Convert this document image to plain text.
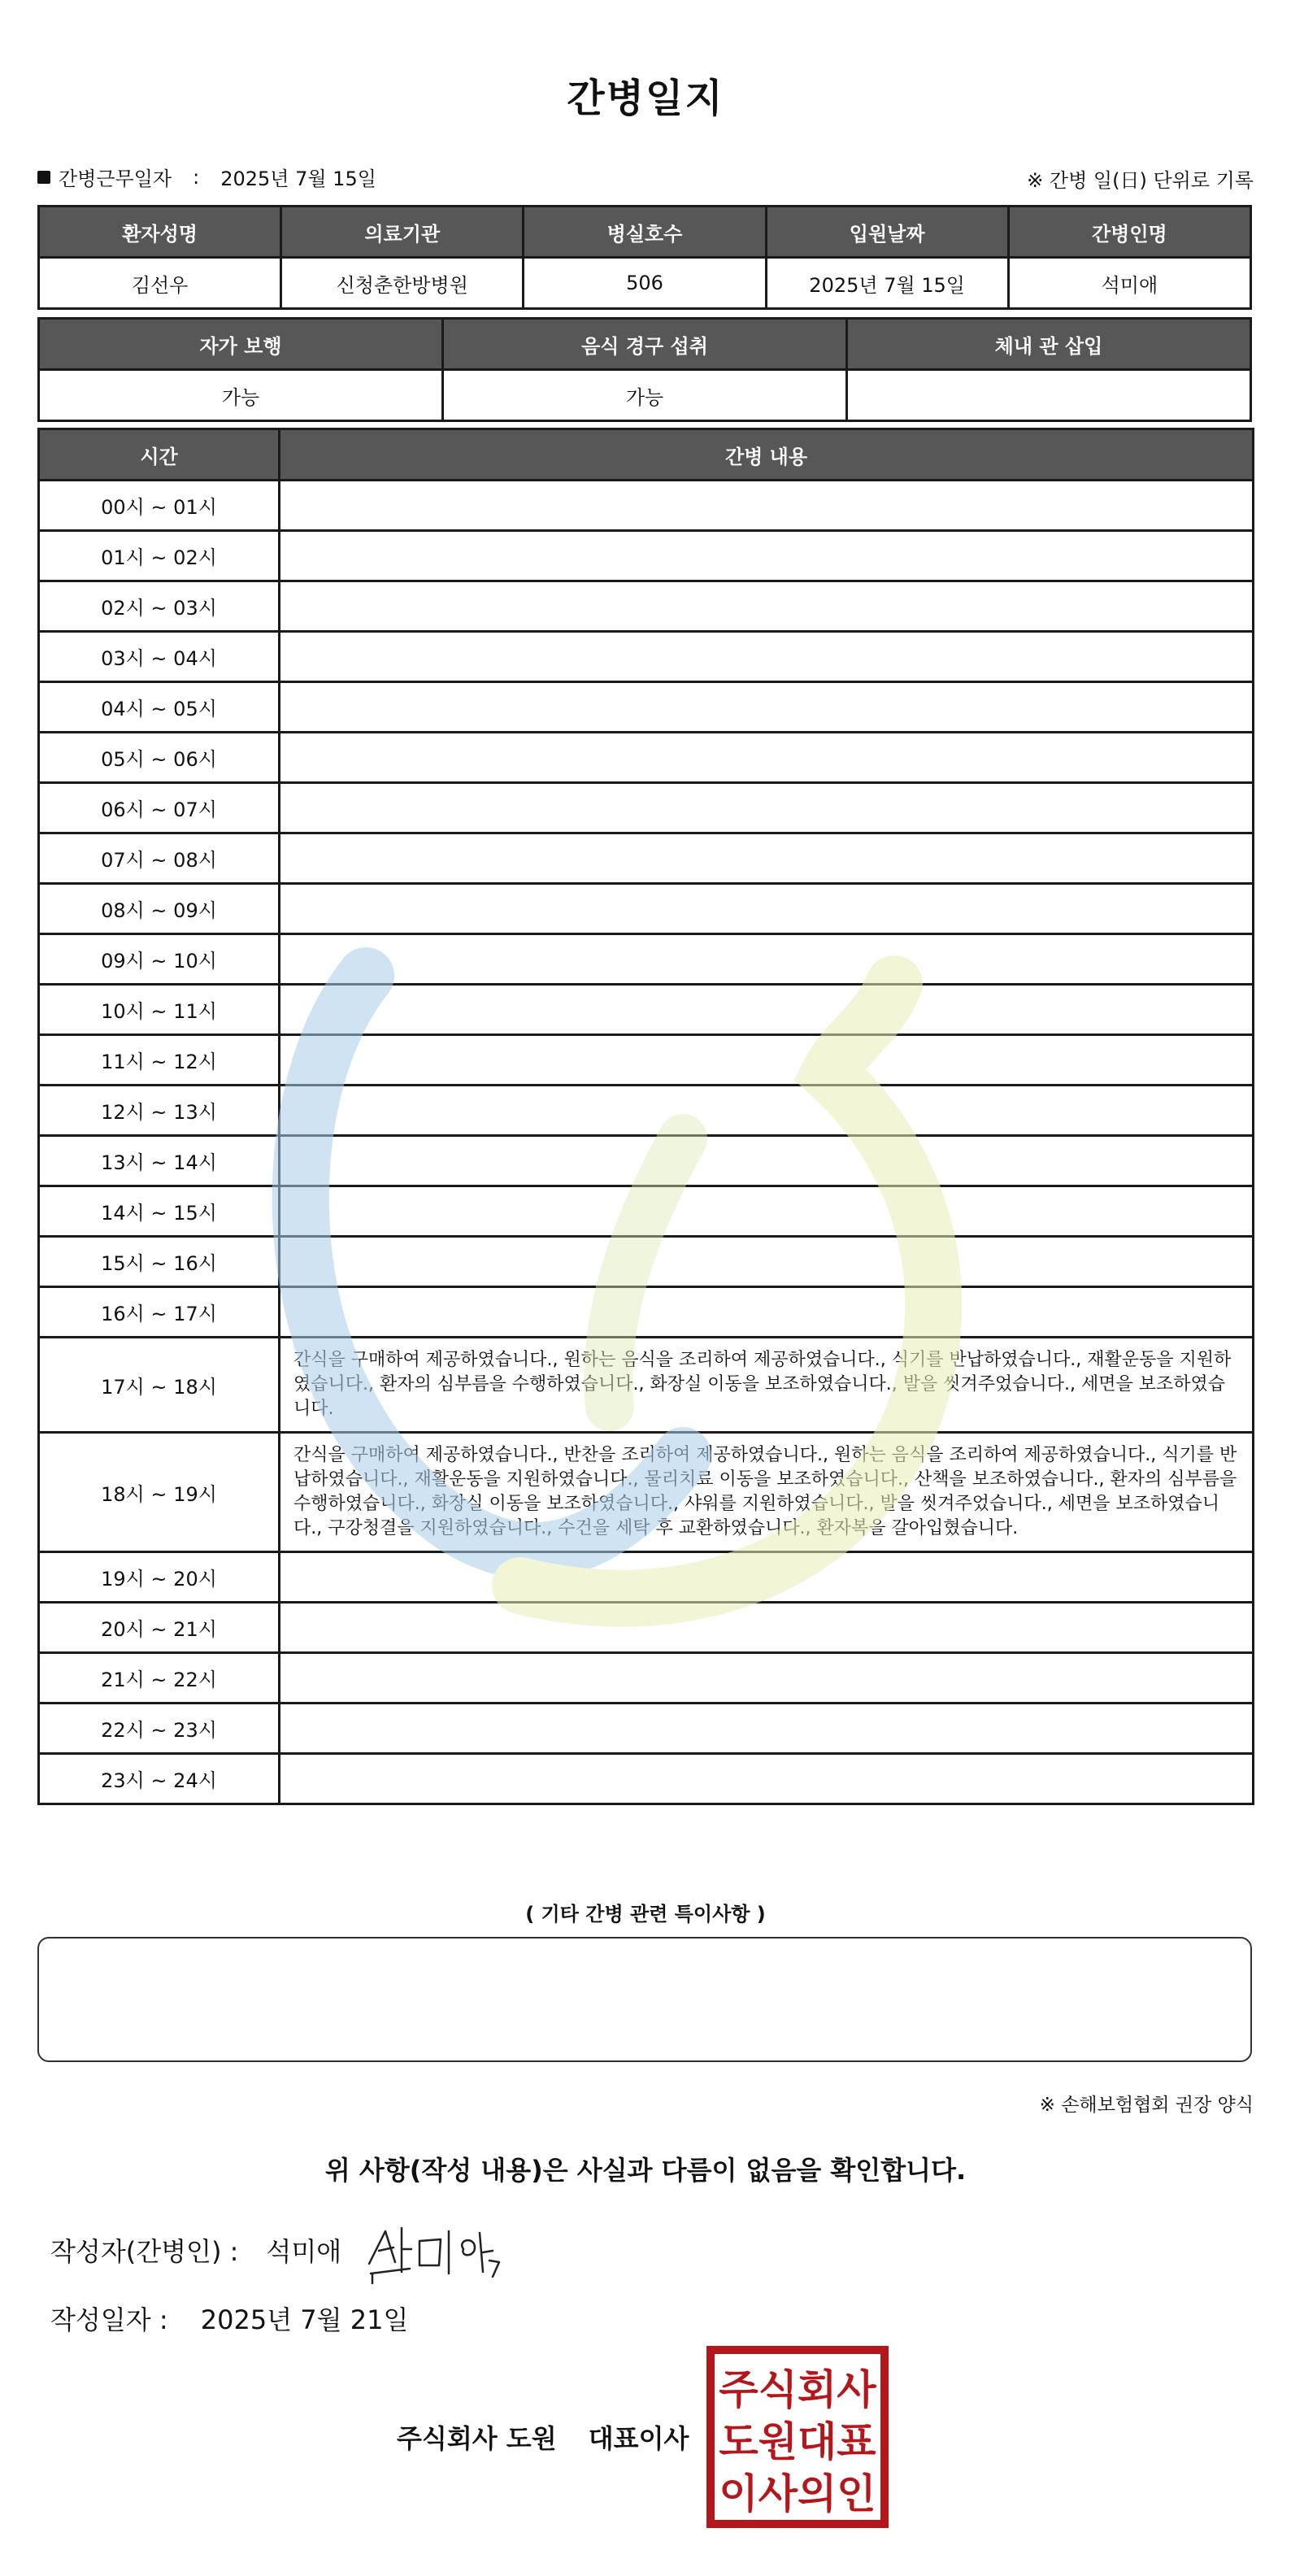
간병일지
간병근무일자 : 2025년 7월 15일	※ 간병 일(日) 단위로 기록
환자성명	의료기관	병실호수	입원날짜	간병인명
김선우	신청춘한방병원	506	2025년 7월 15일	석미애
자가 보행	음식 경구 섭취	체내 관 삽입
가능	가능	
시간	간병 내용
00시 ~ 01시	
01시 ~ 02시	
02시 ~ 03시	
03시 ~ 04시	
04시 ~ 05시	
05시 ~ 06시	
06시 ~ 07시	
07시 ~ 08시	
08시 ~ 09시	
09시 ~ 10시	
10시 ~ 11시	
11시 ~ 12시	
12시 ~ 13시	
13시 ~ 14시	
14시 ~ 15시	
15시 ~ 16시	
16시 ~ 17시	
17시 ~ 18시	간식을 구매하여 제공하였습니다., 원하는 음식을 조리하여 제공하였습니다., 식기를 반납하였습니다., 재활운동을 지원하였습니다., 환자의 심부름을 수행하였습니다., 화장실 이동을 보조하였습니다., 발을 씻겨주었습니다., 세면을 보조하였습니다.
18시 ~ 19시	간식을 구매하여 제공하였습니다., 반찬을 조리하여 제공하였습니다., 원하는 음식을 조리하여 제공하였습니다., 식기를 반납하였습니다., 재활운동을 지원하였습니다., 물리치료 이동을 보조하였습니다., 산책을 보조하였습니다., 환자의 심부름을 수행하였습니다., 화장실 이동을 보조하였습니다., 샤워를 지원하였습니다., 발을 씻겨주었습니다., 세면을 보조하였습니다., 구강청결을 지원하였습니다., 수건을 세탁 후 교환하였습니다., 환자복을 갈아입혔습니다.
19시 ~ 20시	
20시 ~ 21시	
21시 ~ 22시	
22시 ~ 23시	
23시 ~ 24시	
( 기타 간병 관련 특이사항 )
※ 손해보험협회 권장 양식
위 사항(작성 내용)은 사실과 다름이 없음을 확인합니다.
작성자(간병인) : 석미애
작성일자 : 2025년 7월 21일
주식회사 도원 대표이사
주식회사
도원대표
이사의인
